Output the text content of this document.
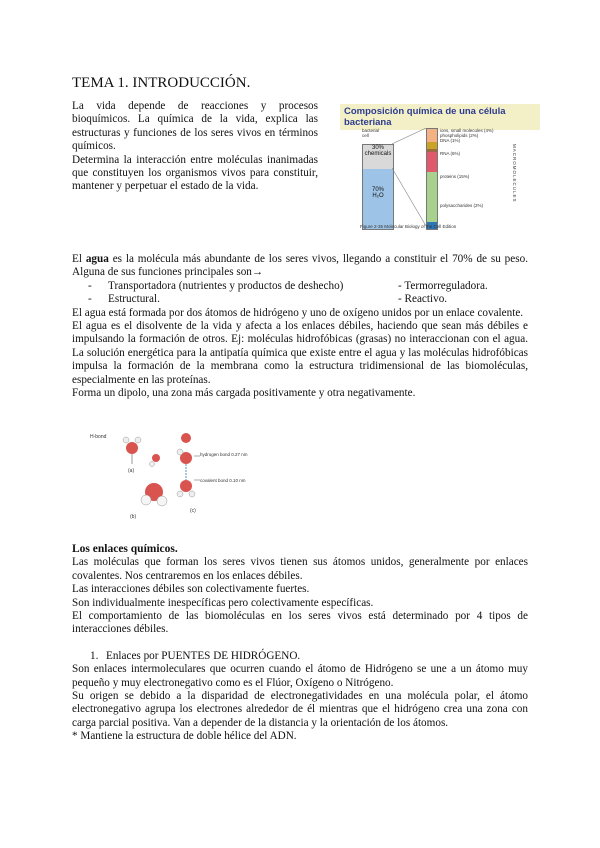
TEMA 1. INTRODUCCIÓN.
La vida depende de reacciones y procesos bioquímicos. La química de la vida, explica las estructuras y funciones de los seres vivos en términos químicos.
Determina la interacción entre moléculas inanimadas que constituyen los organismos vivos para constituir, mantener y perpetuar el estado de la vida.
Composición química de una célula bacteriana
bacterial cell
30%
chemicals
70%
H₂O
ions, small molecules (4%)
phospholipids (2%)
DNA (1%)
RNA (6%)
proteins (15%)
polysaccharides (2%)
MACROMOLECULES
Figure 2-35 Molecular Biology of the Cell Edition
El agua es la molécula más abundante de los seres vivos, llegando a constituir el 70% de su peso. Alguna de sus funciones principales son→
-	Transportadora (nutrientes y productos de deshecho)	- Termorreguladora.
-	Estructural.	- Reactivo.
El agua está formada por dos átomos de hidrógeno y uno de oxígeno unidos por un enlace covalente.
El agua es el disolvente de la vida y afecta a los enlaces débiles, haciendo que sean más débiles e impulsando la formación de otros. Ej: moléculas hidrofóbicas (grasas) no interaccionan con el agua. La solución energética para la antipatía química que existe entre el agua y las moléculas hidrofóbicas impulsa la formación de la membrana como la estructura tridimensional de las biomoléculas, especialmente en las proteínas.
Forma un dipolo, una zona más cargada positivamente y otra negativamente.
H-bond
(a)
(b)
(c)
hydrogen bond 0.27 nm
covalent bond 0.10 nm
Los enlaces químicos.
Las moléculas que forman los seres vivos tienen sus átomos unidos, generalmente por enlaces covalentes. Nos centraremos en los enlaces débiles.
Las interacciones débiles son colectivamente fuertes.
Son individualmente inespecíficas pero colectivamente específicas.
El comportamiento de las biomoléculas en los seres vivos está determinado por 4 tipos de interacciones débiles.
1. Enlaces por PUENTES DE HIDRÓGENO.
Son enlaces intermoleculares que ocurren cuando el átomo de Hidrógeno se une a un átomo muy pequeño y muy electronegativo como es el Flúor, Oxígeno o Nitrógeno.
Su origen se debido a la disparidad de electronegatividades en una molécula polar, el átomo electronegativo agrupa los electrones alrededor de él mientras que el hidrógeno crea una zona con carga parcial positiva. Van a depender de la distancia y la orientación de los átomos.
* Mantiene la estructura de doble hélice del ADN.
